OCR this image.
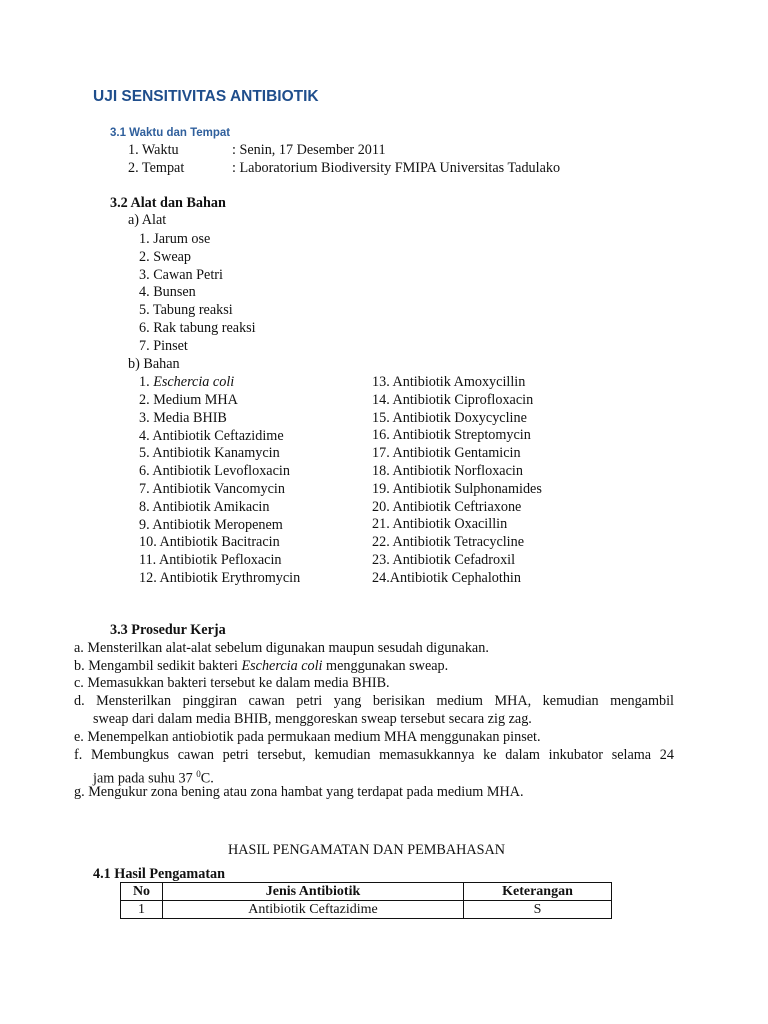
UJI SENSITIVITAS ANTIBIOTIK
3.1 Waktu dan Tempat
1. Waktu	: Senin, 17 Desember 2011
2. Tempat	: Laboratorium Biodiversity FMIPA Universitas Tadulako
3.2 Alat dan Bahan
a) Alat
1. Jarum ose
2. Sweap
3. Cawan Petri
4. Bunsen
5. Tabung reaksi
6. Rak tabung reaksi
7. Pinset
b) Bahan
1. Eschercia coli
2. Medium MHA
3. Media BHIB
4. Antibiotik Ceftazidime
5. Antibiotik Kanamycin
6. Antibiotik Levofloxacin
7. Antibiotik Vancomycin
8. Antibiotik Amikacin
9. Antibiotik Meropenem
10. Antibiotik Bacitracin
11. Antibiotik Pefloxacin
12. Antibiotik Erythromycin
13. Antibiotik Amoxycillin
14. Antibiotik Ciprofloxacin
15. Antibiotik Doxycycline
16. Antibiotik Streptomycin
17. Antibiotik Gentamicin
18. Antibiotik Norfloxacin
19. Antibiotik Sulphonamides
20. Antibiotik Ceftriaxone
21. Antibiotik Oxacillin
22. Antibiotik Tetracycline
23. Antibiotik Cefadroxil
24.Antibiotik Cephalothin
3.3 Prosedur Kerja
a. Mensterilkan alat-alat sebelum digunakan maupun sesudah digunakan.
b. Mengambil sedikit bakteri Eschercia coli menggunakan sweap.
c. Memasukkan bakteri tersebut ke dalam media BHIB.
d. Mensterilkan pinggiran cawan petri yang berisikan medium MHA, kemudian mengambil
sweap dari dalam media BHIB, menggoreskan sweap tersebut secara zig zag.
e. Menempelkan antiobiotik pada permukaan medium MHA menggunakan pinset.
f. Membungkus cawan petri tersebut, kemudian memasukkannya ke dalam inkubator selama 24
jam pada suhu 37 $^0$C.
g. Mengukur zona bening atau zona hambat yang terdapat pada medium MHA.
HASIL PENGAMATAN DAN PEMBAHASAN
4.1 Hasil Pengamatan
No	Jenis Antibiotik	Keterangan
1	Antibiotik Ceftazidime	S
